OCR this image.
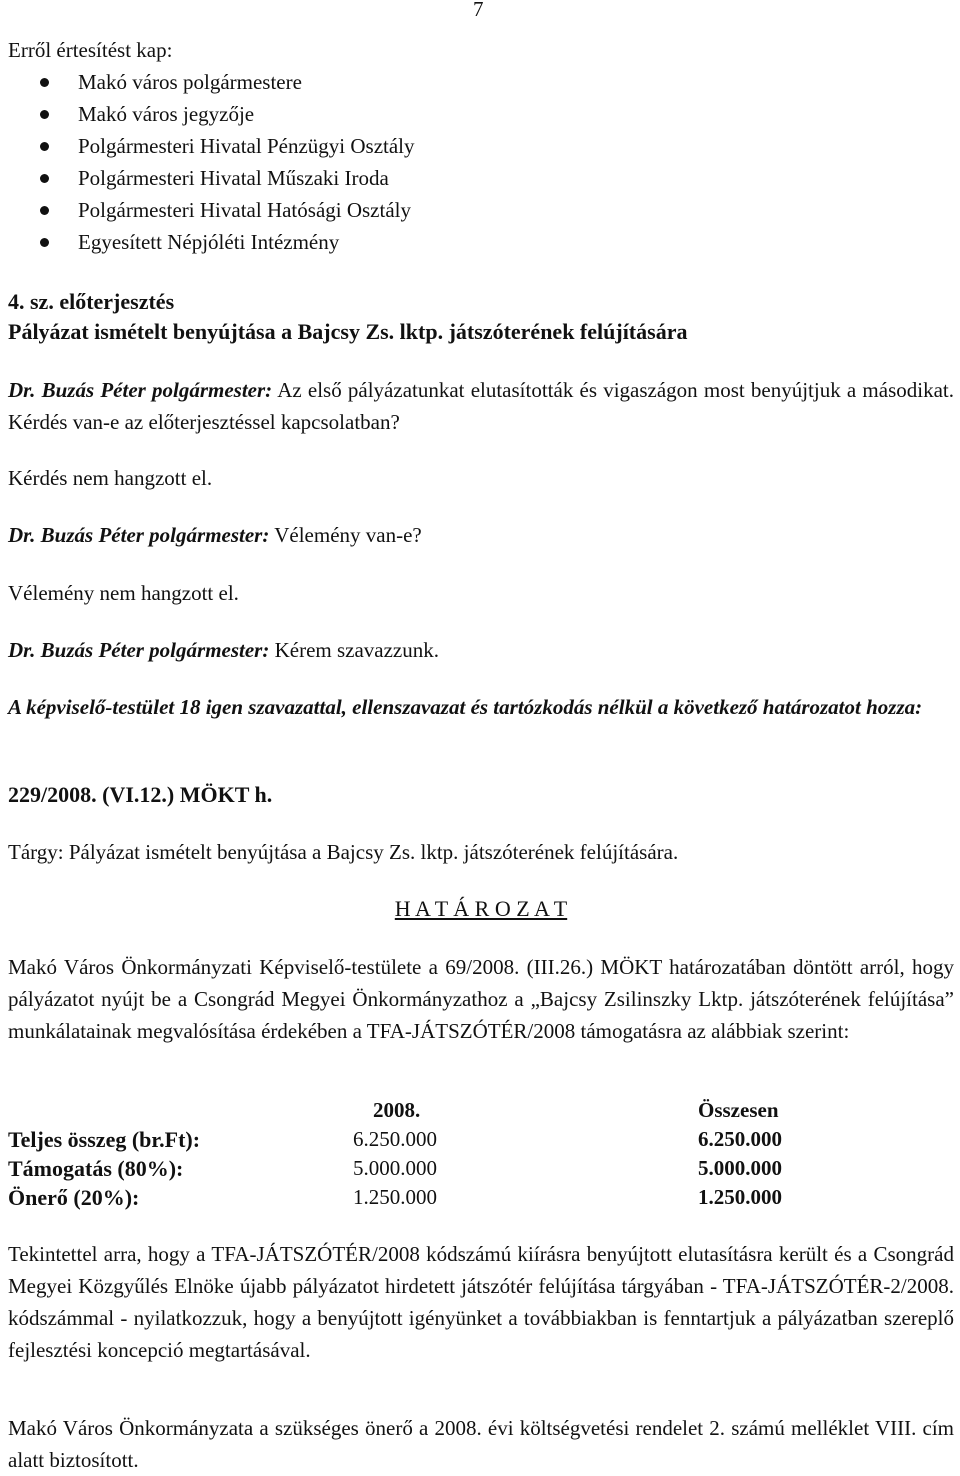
7
Erről értesítést kap:
Makó város polgármestere
Makó város jegyzője
Polgármesteri Hivatal Pénzügyi Osztály
Polgármesteri Hivatal Műszaki Iroda
Polgármesteri Hivatal Hatósági Osztály
Egyesített Népjóléti Intézmény
4. sz. előterjesztés
Pályázat ismételt benyújtása a Bajcsy Zs. lktp. játszóterének felújítására
Dr. Buzás Péter polgármester: Az első pályázatunkat elutasították és vigaszágon most benyújtjuk a másodikat. Kérdés van-e az előterjesztéssel kapcsolatban?
Kérdés nem hangzott el.
Dr. Buzás Péter polgármester: Vélemény van-e?
Vélemény nem hangzott el.
Dr. Buzás Péter polgármester: Kérem szavazzunk.
A képviselő-testület 18 igen szavazattal, ellenszavazat és tartózkodás nélkül a következő határozatot hozza:
229/2008. (VI.12.) MÖKT h.
Tárgy: Pályázat ismételt benyújtása a Bajcsy Zs. lktp. játszóterének felújítására.
H A T Á R O Z A T
Makó Város Önkormányzati Képviselő-testülete a 69/2008. (III.26.) MÖKT határozatában döntött arról, hogy pályázatot nyújt be a Csongrád Megyei Önkormányzathoz a „Bajcsy Zsilinszky Lktp. játszóterének felújítása” munkálatainak megvalósítása érdekében a TFA-JÁTSZÓTÉR/2008 támogatásra az alábbiak szerint:
	2008.	Összesen
Teljes összeg (br.Ft):	6.250.000	6.250.000
Támogatás (80%):	5.000.000	5.000.000
Önerő (20%):	1.250.000	1.250.000
Tekintettel arra, hogy a TFA-JÁTSZÓTÉR/2008 kódszámú kiírásra benyújtott elutasításra került és a Csongrád Megyei Közgyűlés Elnöke újabb pályázatot hirdetett játszótér felújítása tárgyában - TFA-JÁTSZÓTÉR-2/2008. kódszámmal - nyilatkozzuk, hogy a benyújtott igényünket a továbbiakban is fenntartjuk a pályázatban szereplő fejlesztési koncepció megtartásával.
Makó Város Önkormányzata a szükséges önerő a 2008. évi költségvetési rendelet 2. számú melléklet VIII. cím alatt biztosított.
